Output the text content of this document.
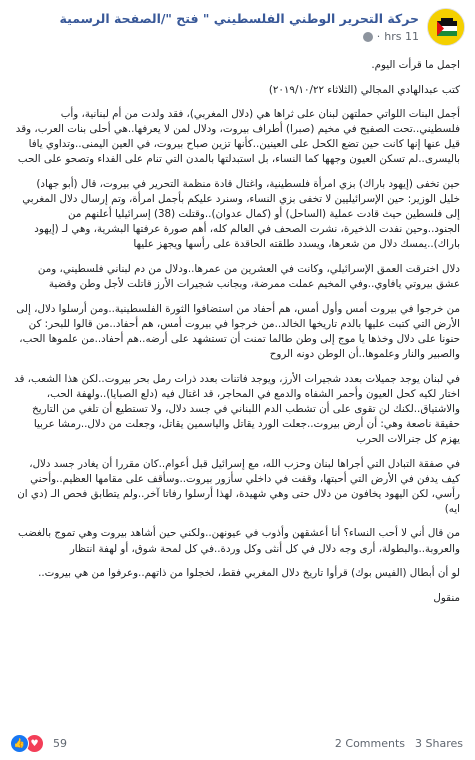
حركة التحرير الوطني الفلسطيني " فتح "/الصفحة الرسمية
11 hrs
·

اجمل ما قرأت اليوم.

كتب عبدالهادي المجالي (الثلاثاء ٢٠١٩/١٠/٢٢)

أجمل البنات اللواتي حملتهن لبنان على ثراها هي (دلال المغربي)، فقد ولدت من أم لبنانية، وأب فلسطيني..تحت الصفيح في مخيم (صبرا) أطراف بيروت، ودلال لمن لا يعرفها..هي أحلى بنات العرب، وقد قيل عنها إنها كانت حين تضع الكحل على العينين..كأنها تزين صباح بيروت، في العين اليمنى..وتداوي يافا باليسرى..لم تسكن العيون وجهها كما النساء، بل استبدلتها بالمدن التي تنام على الفداء وتصحو على الحب

حين تخفى (إيهود باراك) بزي امرأة فلسطينية، واغتال قادة منظمة التحرير في بيروت، قال (أبو جهاد) خليل الوزير: حين الإسرائيليين لا تخفى بزي النساء، وسنرد عليكم بأجمل امرأة، وتم إرسال دلال المغربي إلى فلسطين حيث قادت عملية (الساحل) أو (كمال عدوان)..وقتلت (38) إسرائيليا أعلنهم من الجنود..وحين نفدت الذخيرة، نشرت الصحف في العالم كله، أهم صورة عرفتها البشرية، وهي لـ (إيهود باراك)..يمسك دلال من شعرها، ويسدد طلقته الحاقدة على رأسها ويجهز عليها

دلال اخترقت العمق الإسرائيلي، وكانت في العشرين من عمرها..ودلال من دم لبناني فلسطيني، ومن عشق بيروتي يافاوي..وفي المخيم عملت ممرضة، وبجانب شجيرات الأرز قاتلت لأجل وطن وقضية

من خرجوا في بيروت أمس وأول أمس، هم أحفاد من استضافوا الثورة الفلسطينية..ومن أرسلوا دلال، إلى الأرض التي كتبت عليها بالدم تاريخها الخالد..من خرجوا في بيروت أمس، هم أحفاد..من قالوا للبحر: كن حنونا على دلال وخذها يا موج إلى وطن طالما تمنت أن تستشهد على أرضه..هم أحفاد..من علموها الحب، والصبير والنار وعلموها..أن الوطن دونه الروح

في لبنان يوجد جميلات بعدد شجيرات الأرز، ويوجد فاتنات بعدد ذرات رمل بحر بيروت..لكن هذا الشعب، قد اختار لكيه كحل العيون وأحمر الشفاه والدمع في المحاجر، قد اغتال فيه (دلع الصبايا)..ولهفة الحب، والاشتياق..لكنك لن تقوى على أن تشطب الدم اللبناني في جسد دلال، ولا تستطيع أن تلغي من التاريخ حقيقة ناصعة وهي: أن أرض بيروت..جعلت الورد يقاتل والياسمين يقاتل، وجعلت من دلال..رمشا عربيا يهزم كل جنرالات الحرب

في صفقة التبادل التي أجراها لبنان وحزب الله، مع إسرائيل قبل أعوام..كان مقررا أن يغادر جسد دلال، كيف يدفن في الأرض التي أحبتها، وقفت في داخلي سأزور بيروت..وسأقف على مقامها العظيم..وأحني رأسي، لكن اليهود يخافون من دلال حتى وهي شهيدة، لهذا أرسلوا رفاتا آخر..ولم يتطابق فحص الـ (دي ان ايه)

من قال أني لا أحب النساء؟ أنا أعشقهن وأذوب في عيونهن..ولكني حين أشاهد بيروت وهي تموج بالغضب والعروبة..والبطولة، أرى وجه دلال في كل أنثى وكل وردة..في كل لمحة شوق، أو لهفة انتظار

لو أن أبطال (الفيس بوك) قرأوا تاريخ دلال المغربي فقط، لخجلوا من ذاتهم..وعرفوا من هي بيروت..

منقول

👍 ♥	59	2 Comments 3 Shares
